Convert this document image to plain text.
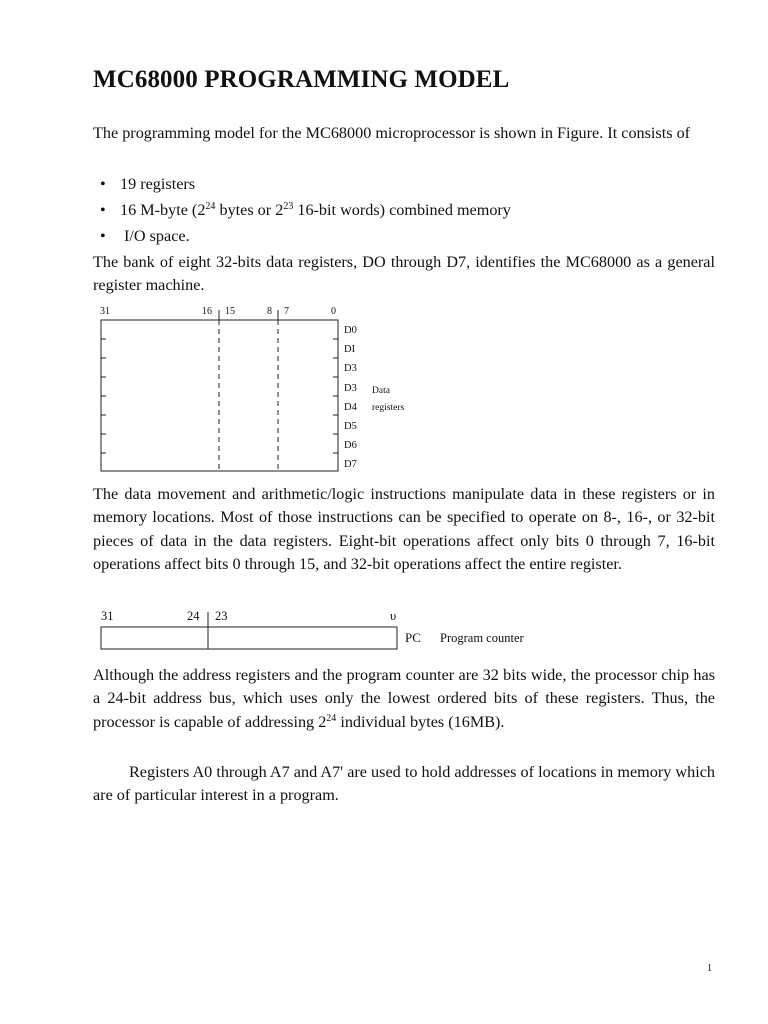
MC68000 PROGRAMMING MODEL

The programming model for the MC68000 microprocessor is shown in Figure. It consists of

• 19 registers
• 16 M-byte ($2^{24}$ bytes or $2^{23}$ 16-bit words) combined memory
• I/O space.

The bank of eight 32-bits data registers, DO through D7, identifies the MC68000 as a general register machine.

31	16 15	8 7	0
D0
DI
D3
D3
D4
D5
D6
D7
Data
registers

The data movement and arithmetic/logic instructions manipulate data in these registers or in memory locations. Most of those instructions can be specified to operate on 8-, 16-, or 32-bit pieces of data in the data registers. Eight-bit operations affect only bits 0 through 7, 16-bit operations affect bits 0 through 15, and 32-bit operations affect the entire register.

31	24 23	υ
PC Program counter

Although the address registers and the program counter are 32 bits wide, the processor chip has a 24-bit address bus, which uses only the lowest ordered bits of these registers. Thus, the processor is capable of addressing $2^{24}$ individual bytes (16MB).

Registers A0 through A7 and A7' are used to hold addresses of locations in memory which are of particular interest in a program.

1
